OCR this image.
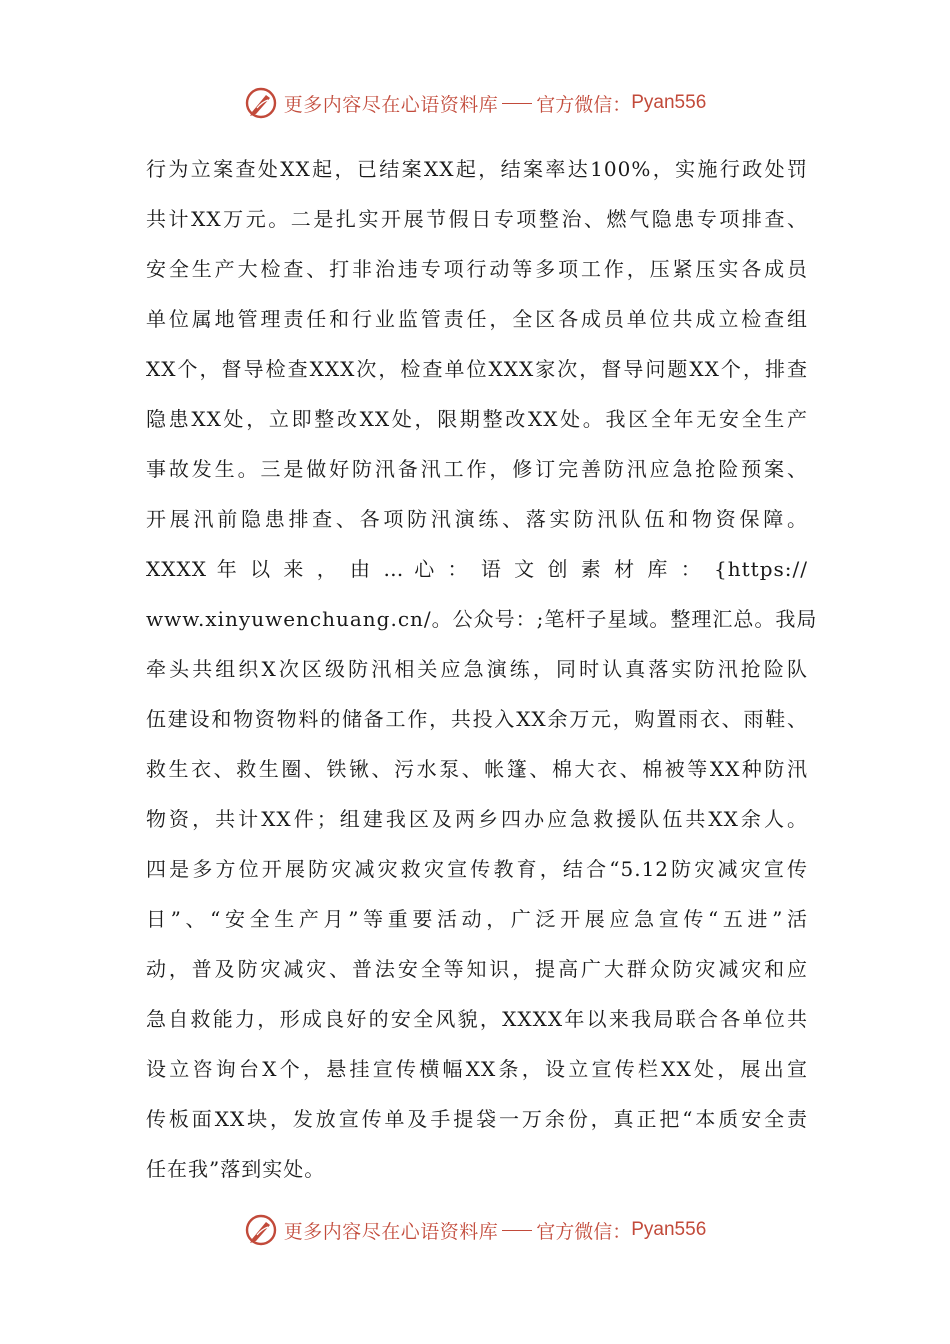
更多内容尽在心语资料库 官方微信： Pyan556
行为立案查处XX起，已结案XX起，结案率达100%，实施行政处罚
共计XX万元。二是扎实开展节假日专项整治、燃气隐患专项排查、
安全生产大检查、打非治违专项行动等多项工作，压紧压实各成员
单位属地管理责任和行业监管责任，全区各成员单位共成立检查组
XX个，督导检查XXX次，检查单位XXX家次，督导问题XX个，排查
隐患XX处，立即整改XX处，限期整改XX处。我区全年无安全生产
事故发生。三是做好防汛备汛工作，修订完善防汛应急抢险预案、
开展汛前隐患排查、各项防汛演练、落实防汛队伍和物资保障。
XXXX 年 以 来 ， 由 … 心 ： 语 文 创 素 材 库 ： {https://
www.xinyuwenchuang.cn/。公众号：;笔杆子星域。整理汇总。我局
牵头共组织X次区级防汛相关应急演练，同时认真落实防汛抢险队
伍建设和物资物料的储备工作，共投入XX余万元，购置雨衣、雨鞋、
救生衣、救生圈、铁锹、污水泵、帐篷、棉大衣、棉被等XX种防汛
物资，共计XX件；组建我区及两乡四办应急救援队伍共XX余人。
四是多方位开展防灾减灾救灾宣传教育，结合“5.12防灾减灾宣传
日”、“安全生产月”等重要活动，广泛开展应急宣传“五进”活
动，普及防灾减灾、普法安全等知识，提高广大群众防灾减灾和应
急自救能力，形成良好的安全风貌，XXXX年以来我局联合各单位共
设立咨询台X个，悬挂宣传横幅XX条，设立宣传栏XX处，展出宣
传板面XX块，发放宣传单及手提袋一万余份，真正把“本质安全责
任在我”落到实处。
更多内容尽在心语资料库 官方微信： Pyan556
